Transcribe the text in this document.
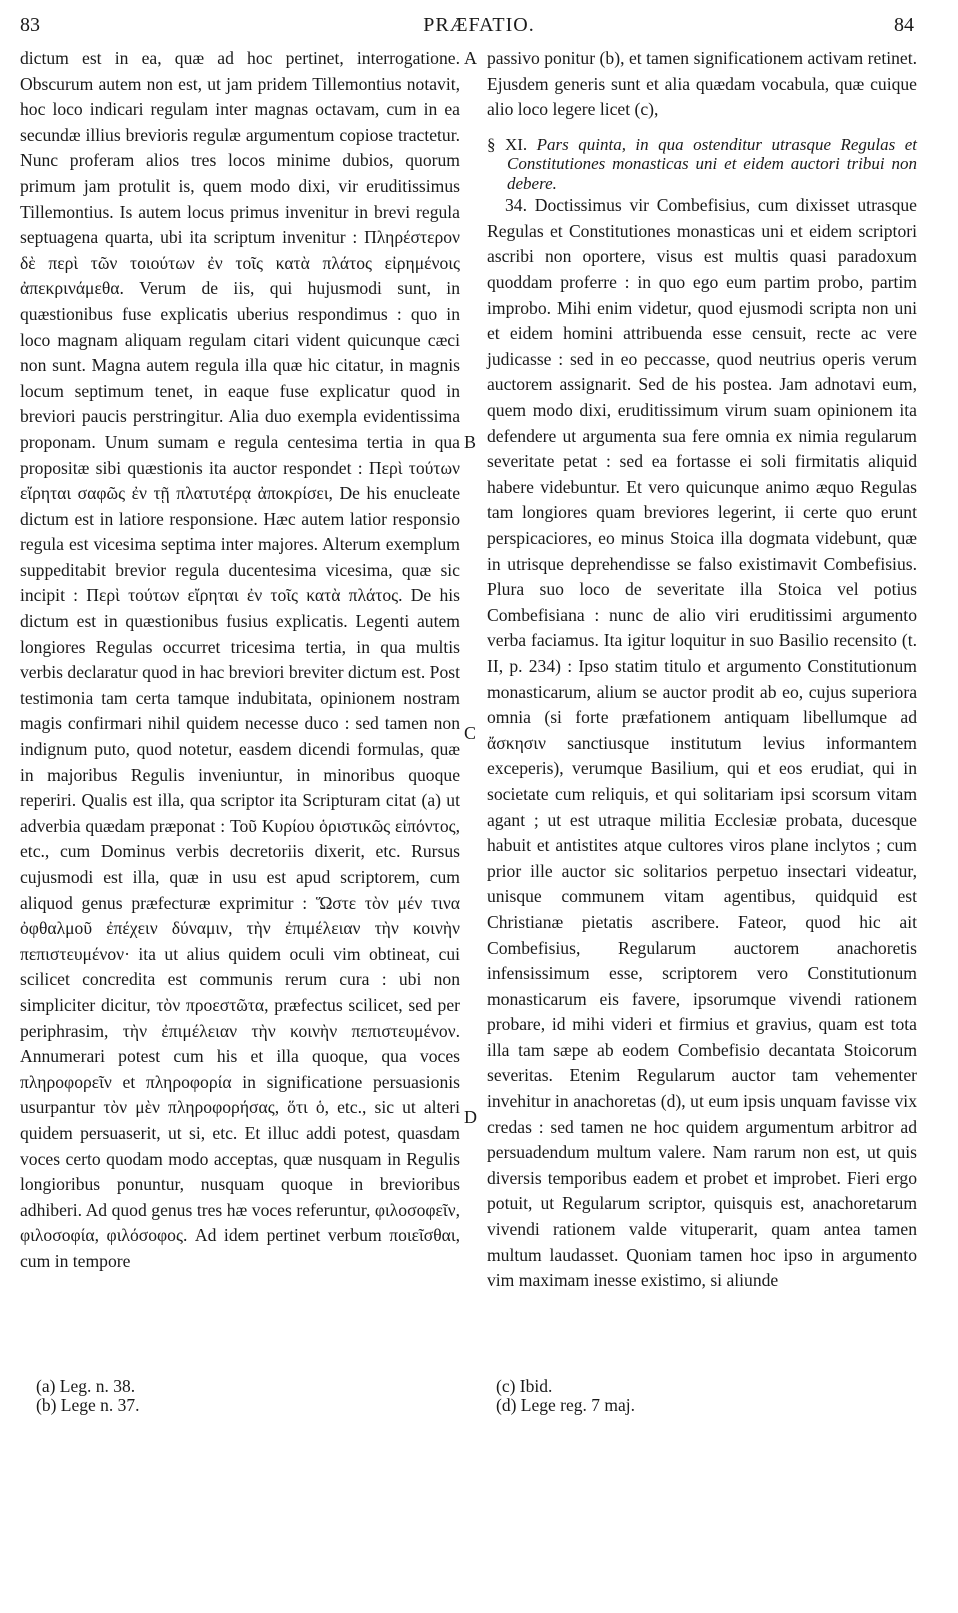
83	PRÆFATIO.	84

dictum est in ea, quæ ad hoc pertinet, interrogatione. Obscurum autem non est, ut jam pridem Tillemontius notavit, hoc loco indicari regulam inter magnas octavam, cum in ea secundæ illius brevioris regulæ argumentum copiose tractetur. Nunc proferam alios tres locos minime dubios, quorum primum jam protulit is, quem modo dixi, vir eruditissimus Tillemontius. Is autem locus primus invenitur in brevi regula septuagena quarta, ubi ita scriptum invenitur : Πληρέστερον δὲ περὶ τῶν τοιούτων ἐν τοῖς κατὰ πλάτος εἰρημένοις ἀπεκρινάμεθα. Verum de iis, qui hujusmodi sunt, in quæstionibus fuse explicatis uberius respondimus : quo in loco magnam aliquam regulam citari vident quicunque cæci non sunt. Magna autem regula illa quæ hic citatur, in magnis locum septimum tenet, in eaque fuse explicatur quod in breviori paucis perstringitur. Alia duo exempla evidentissima proponam. Unum sumam e regula centesima tertia in qua propositæ sibi quæstionis ita auctor respondet : Περὶ τούτων εἴρηται σαφῶς ἐν τῇ πλατυτέρᾳ ἀποκρίσει, De his enucleate dictum est in latiore responsione. Hæc autem latior responsio regula est vicesima septima inter majores. Alterum exemplum suppeditabit brevior regula ducentesima vicesima, quæ sic incipit : Περὶ τούτων εἴρηται ἐν τοῖς κατὰ πλάτος. De his dictum est in quæstionibus fusius explicatis. Legenti autem longiores Regulas occurret tricesima tertia, in qua multis verbis declaratur quod in hac breviori breviter dictum est. Post testimonia tam certa tamque indubitata, opinionem nostram magis confirmari nihil quidem necesse duco : sed tamen non indignum puto, quod notetur, easdem dicendi formulas, quæ in majoribus Regulis inveniuntur, in minoribus quoque reperiri. Qualis est illa, qua scriptor ita Scripturam citat (a) ut adverbia quædam præponat : Τοῦ Κυρίου ὁριστικῶς εἰπόντος, etc., cum Dominus verbis decretoriis dixerit, etc. Rursus cujusmodi est illa, quæ in usu est apud scriptorem, cum aliquod genus præfecturæ exprimitur : Ὥστε τὸν μέν τινα ὀφθαλμοῦ ἐπέχειν δύναμιν, τὴν ἐπιμέλειαν τὴν κοινὴν πεπιστευμένον· ita ut alius quidem oculi vim obtineat, cui scilicet concredita est communis rerum cura : ubi non simpliciter dicitur, τὸν προεστῶτα, præfectus scilicet, sed per periphrasim, τὴν ἐπιμέλειαν τὴν κοινὴν πεπιστευμένον. Annumerari potest cum his et illa quoque, qua voces πληροφορεῖν et πληροφορία in significatione persuasionis usurpantur τὸν μὲν πληροφορήσας, ὅτι ὁ, etc., sic ut alteri quidem persuaserit, ut si, etc. Et illuc addi potest, quasdam voces certo quodam modo acceptas, quæ nusquam in Regulis longioribus ponuntur, nusquam quoque in brevioribus adhiberi. Ad quod genus tres hæ voces referuntur, φιλοσοφεῖν, φιλοσοφία, φιλόσοφος. Ad idem pertinet verbum ποιεῖσθαι, cum in tempore

A
B
C
D

passivo ponitur (b), et tamen significationem activam retinet. Ejusdem generis sunt et alia quædam vocabula, quæ cuique alio loco legere licet (c),

§ XI. Pars quinta, in qua ostenditur utrasque Regulas et Constitutiones monasticas uni et eidem auctori tribui non debere.

34. Doctissimus vir Combefisius, cum dixisset utrasque Regulas et Constitutiones monasticas uni et eidem scriptori ascribi non oportere, visus est multis quasi paradoxum quoddam proferre : in quo ego eum partim probo, partim improbo. Mihi enim videtur, quod ejusmodi scripta non uni et eidem homini attribuenda esse censuit, recte ac vere judicasse : sed in eo peccasse, quod neutrius operis verum auctorem assignarit. Sed de his postea. Jam adnotavi eum, quem modo dixi, eruditissimum virum suam opinionem ita defendere ut argumenta sua fere omnia ex nimia regularum severitate petat : sed ea fortasse ei soli firmitatis aliquid habere videbuntur. Et vero quicunque animo æquo Regulas tam longiores quam breviores legerint, ii certe quo erunt perspicaciores, eo minus Stoica illa dogmata videbunt, quæ in utrisque deprehendisse se falso existimavit Combefisius. Plura suo loco de severitate illa Stoica vel potius Combefisiana : nunc de alio viri eruditissimi argumento verba faciamus. Ita igitur loquitur in suo Basilio recensito (t. II, p. 234) : Ipso statim titulo et argumento Constitutionum monasticarum, alium se auctor prodit ab eo, cujus superiora omnia (si forte præfationem antiquam libellumque ad ἄσκησιν sanctiusque institutum levius informantem exceperis), verumque Basilium, qui et eos erudiat, qui in societate cum reliquis, et qui solitariam ipsi scorsum vitam agant ; ut est utraque militia Ecclesiæ probata, ducesque habuit et antistites atque cultores viros plane inclytos ; cum prior ille auctor sic solitarios perpetuo insectari videatur, unisque communem vitam agentibus, quidquid est Christianæ pietatis ascribere. Fateor, quod hic ait Combefisius, Regularum auctorem anachoretis infensissimum esse, scriptorem vero Constitutionum monasticarum eis favere, ipsorumque vivendi rationem probare, id mihi videri et firmius et gravius, quam est tota illa tam sæpe ab eodem Combefisio decantata Stoicorum severitas. Etenim Regularum auctor tam vehementer invehitur in anachoretas (d), ut eum ipsis unquam favisse vix credas : sed tamen ne hoc quidem argumentum arbitror ad persuadendum multum valere. Nam rarum non est, ut quis diversis temporibus eadem et probet et improbet. Fieri ergo potuit, ut Regularum scriptor, quisquis est, anachoretarum vivendi rationem valde vituperarit, quam antea tamen multum laudasset. Quoniam tamen hoc ipso in argumento vim maximam inesse existimo, si aliunde

(a) Leg. n. 38.

(b) Lege n. 37.

(c) Ibid.

(d) Lege reg. 7 maj.
